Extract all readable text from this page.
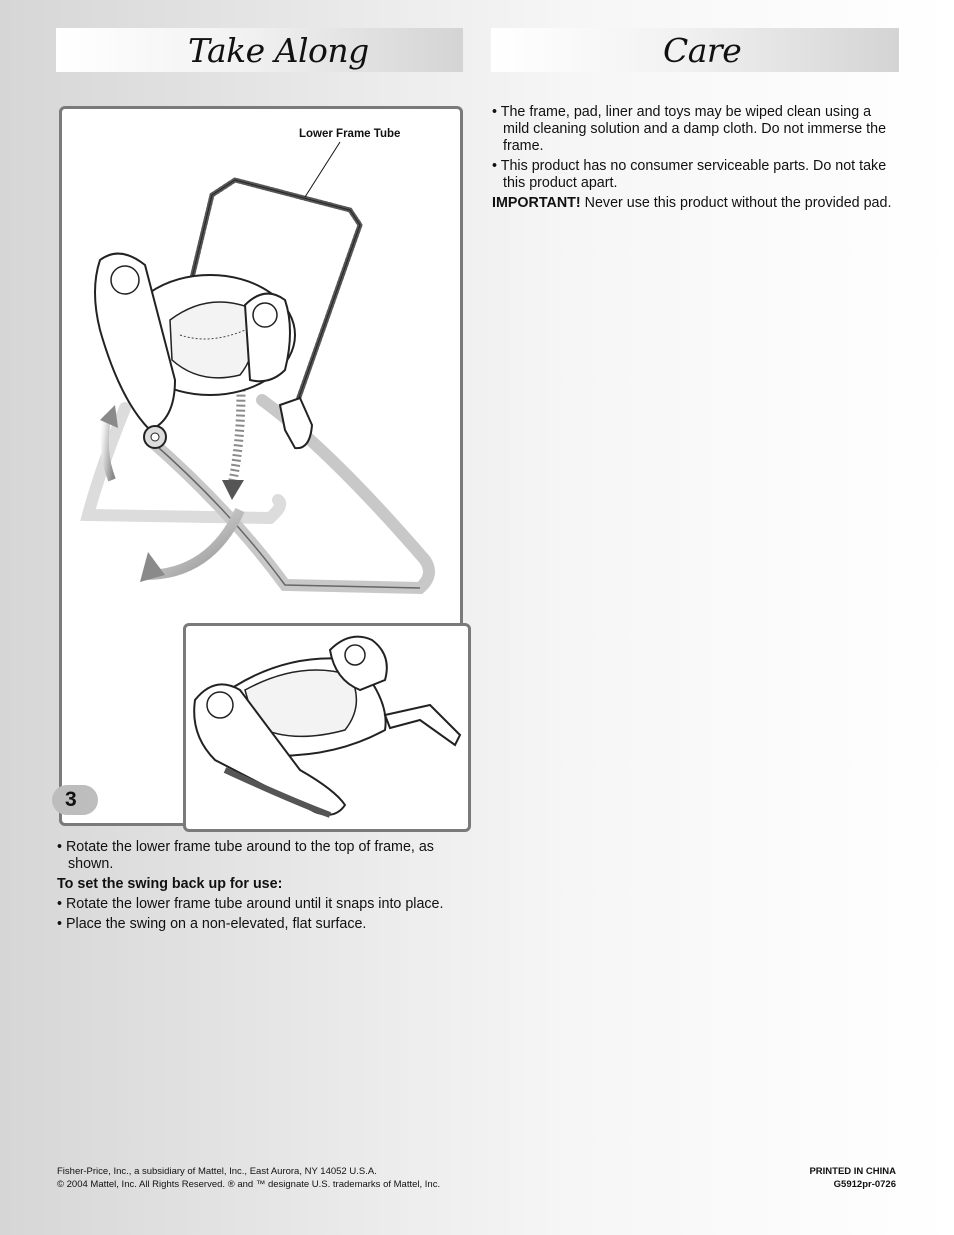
Take Along	Care
Lower Frame Tube
3

• Rotate the lower frame tube around to the top of frame, as shown.

To set the swing back up for use:

• Rotate the lower frame tube around until it snaps into place.

• Place the swing on a non-elevated, flat surface.

• The frame, pad, liner and toys may be wiped clean using a mild cleaning solution and a damp cloth. Do not immerse the frame.

• This product has no consumer serviceable parts. Do not take this product apart.

IMPORTANT! Never use this product without the provided pad.

Fisher-Price, Inc., a subsidiary of Mattel, Inc., East Aurora, NY 14052 U.S.A.
© 2004 Mattel, Inc. All Rights Reserved. ® and ™ designate U.S. trademarks of Mattel, Inc.
PRINTED IN CHINA
G5912pr-0726
